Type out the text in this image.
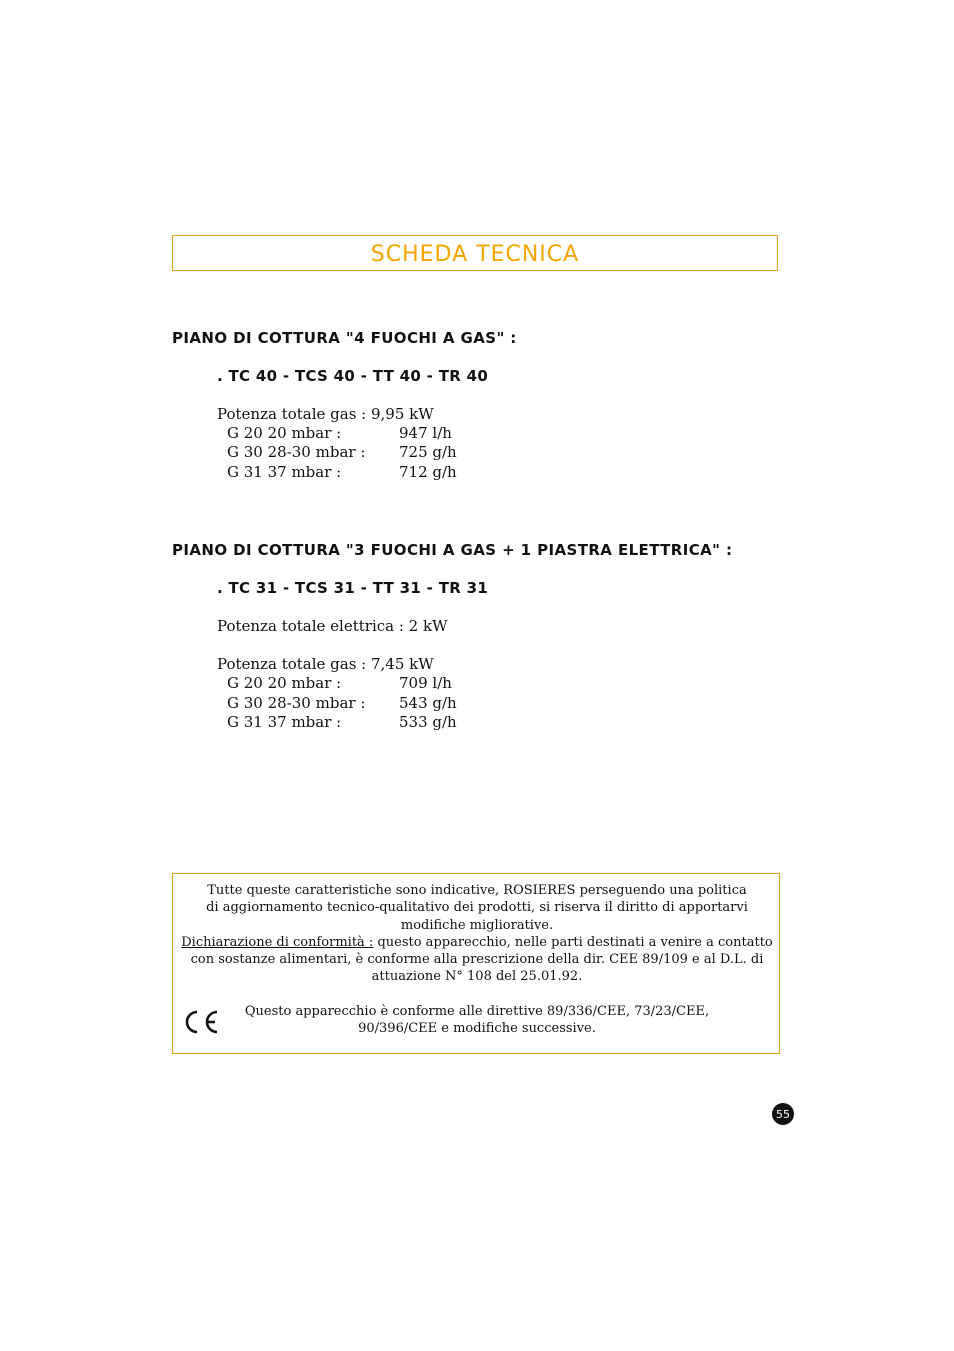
SCHEDA TECNICA
PIANO DI COTTURA "4 FUOCHI A GAS" :
. TC 40 - TCS 40 - TT 40 - TR 40
Potenza totale gas : 9,95 kW
G 20 20 mbar :	947 l/h
G 30 28-30 mbar : 725 g/h
G 31 37 mbar :	712 g/h
PIANO DI COTTURA "3 FUOCHI A GAS + 1 PIASTRA ELETTRICA" :
. TC 31 - TCS 31 - TT 31 - TR 31
Potenza totale elettrica : 2 kW
Potenza totale gas : 7,45 kW
G 20 20 mbar :	709 l/h
G 30 28-30 mbar : 543 g/h
G 31 37 mbar :	533 g/h

Tutte queste caratteristiche sono indicative, ROSIERES perseguendo una politica

di aggiornamento tecnico-qualitativo dei prodotti, si riserva il diritto di apportarvi

modifiche migliorative.

Dichiarazione di conformità : questo apparecchio, nelle parti destinati a venire a contatto

con sostanze alimentari, è conforme alla prescrizione della dir. CEE 89/109 e al D.L. di

attuazione N° 108 del 25.01.92.

Questo apparecchio è conforme alle direttive 89/336/CEE, 73/23/CEE,
90/396/CEE e modifiche successive.
55
